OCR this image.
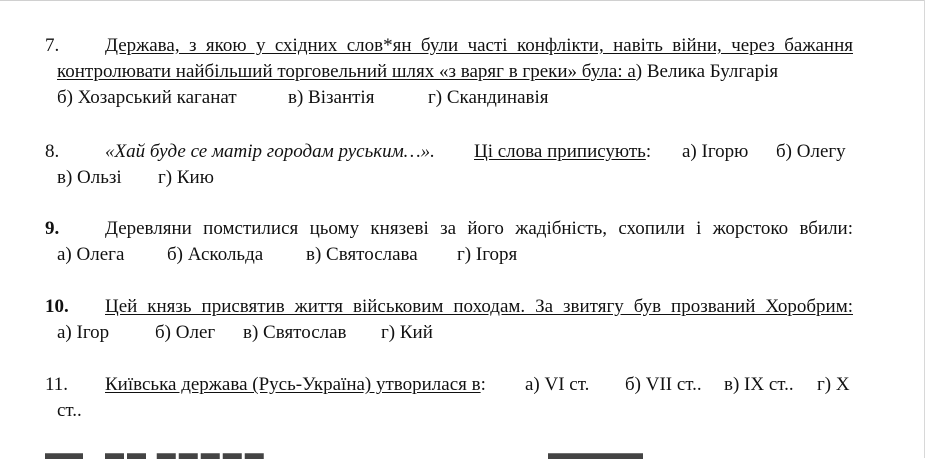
7. Держава, з якою у східних слов*ян були часті конфлікти, навіть війни, через бажання
контролювати найбільший торговельний шлях «з варяг в греки» була: а) Велика Булгарія
б) Хозарський каганат	в) Візантія	г) Скандинавія
8. «Хай буде се матір городам руським…». Ці слова приписують: а) Ігорю б) Олегу
в) Ользі г) Кию
9. Деревляни помстилися цьому князеві за його жадібність, схопили і жорстоко вбили:
а) Олега б) Аскольда в) Святослава г) Ігоря
10. Цей князь присвятив життя військовим походам. За звитягу був прозваний Хоробрим:
а) Ігор б) Олег в) Святослав г) Кий
11. Київська держава (Русь-Україна) утворилася в: а) VI ст. б) VII ст.. в) IX ст.. г) X
ст..
▬▬ ▬▬ ▬▬▬▬▬	▬▬▬▬▬
